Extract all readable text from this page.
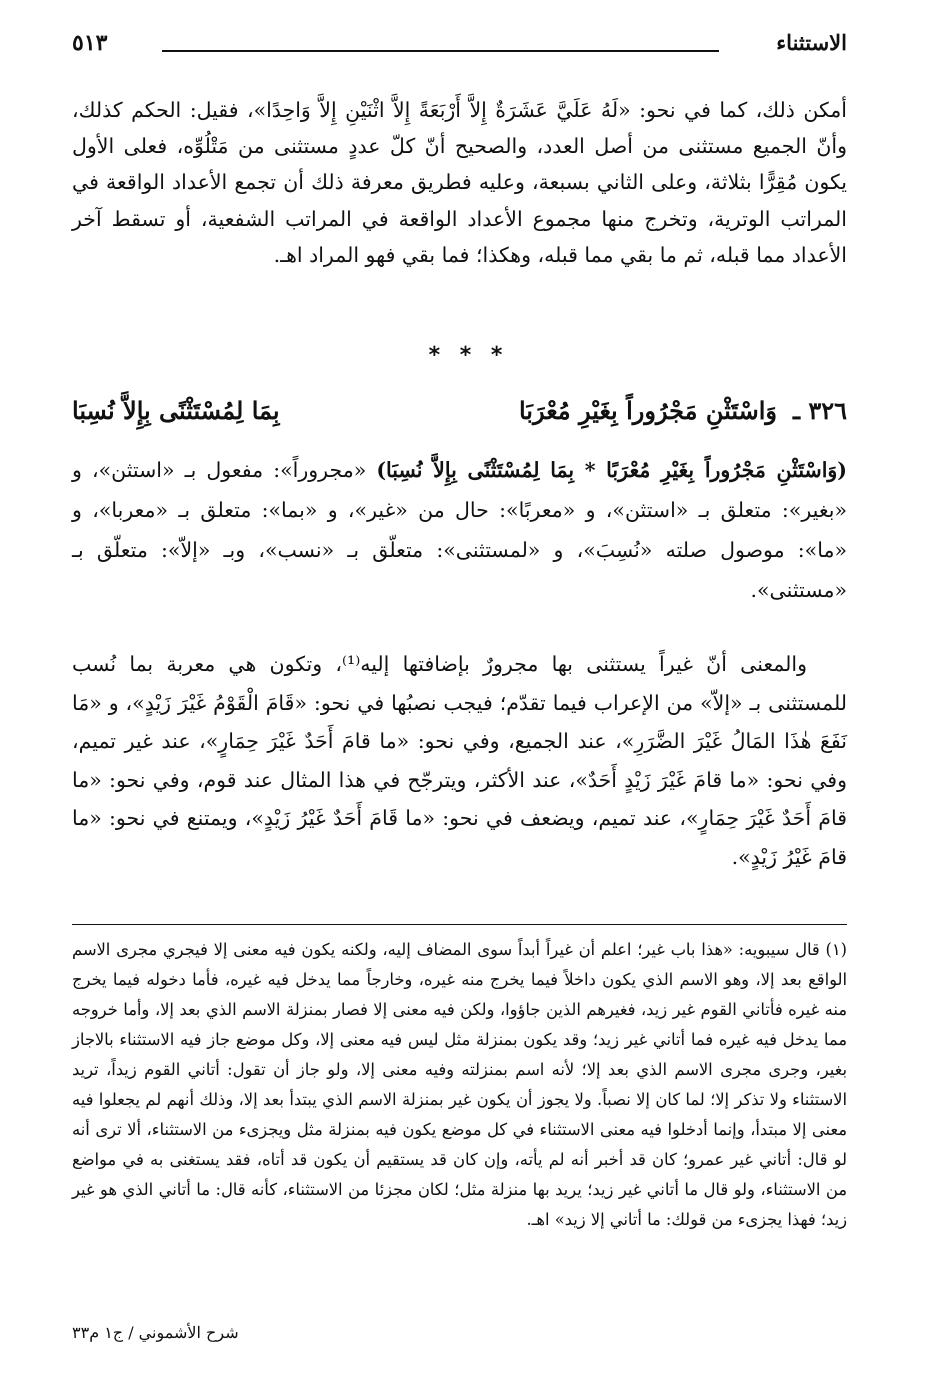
الاستثناء
٥١٣

أمكن ذلك، كما في نحو: «لَهُ عَلَيَّ عَشَرَةٌ إِلاَّ أَرْبَعَةً إِلاَّ اثْنَيْنِ إِلاَّ وَاحِدًا»، فقيل: الحكم كذلك، وأنّ الجميع مستثنى من أصل العدد، والصحيح أنّ كلّ عددٍ مستثنى من مَتْلُوِّه، فعلى الأول يكون مُقِرًّا بثلاثة، وعلى الثاني بسبعة، وعليه فطريق معرفة ذلك أن تجمع الأعداد الواقعة في المراتب الوترية، وتخرج منها مجموع الأعداد الواقعة في المراتب الشفعية، أو تسقط آخر الأعداد مما قبله، ثم ما بقي مما قبله، وهكذا؛ فما بقي فهو المراد اهـ.

* * *
٣٢٦ ـ
وَاسْتَثْنِ مَجْرُوراً بِغَيْرِ مُعْرَبَا
بِمَا لِمُسْتَثْنًى بِإِلاَّ نُسِبَا

(وَاسْتَثْنِ مَجْرُوراً بِغَيْرِ مُعْرَبًا * بِمَا لِمُسْتَثْنًى بِإِلاَّ نُسِبَا) «مجروراً»: مفعول بـ «استثن»، و «بغير»: متعلق بـ «استثن»، و «معربًا»: حال من «غير»، و «بما»: متعلق بـ «معربا»، و «ما»: موصول صلته «نُسِبَ»، و «لمستثنى»: متعلّق بـ «نسب»، وبـ «إلاّ»: متعلّق بـ «مستثنى».

والمعنى أنّ غيراً يستثنى بها مجرورٌ بإضافتها إليه⁽¹⁾، وتكون هي معربة بما نُسب للمستثنى بـ «إلاّ» من الإعراب فيما تقدّم؛ فيجب نصبُها في نحو: «قَامَ الْقَوْمُ غَيْرَ زَيْدٍ»، و «مَا نَفَعَ هٰذَا المَالُ غَيْرَ الضَّرَرِ»، عند الجميع، وفي نحو: «ما قامَ أَحَدٌ غَيْرَ حِمَارٍ»، عند غير تميم، وفي نحو: «ما قامَ غَيْرَ زَيْدٍ أَحَدٌ»، عند الأكثر، ويترجّح في هذا المثال عند قوم، وفي نحو: «ما قامَ أَحَدٌ غَيْرَ حِمَارٍ»، عند تميم، ويضعف في نحو: «ما قَامَ أَحَدٌ غَيْرُ زَيْدٍ»، ويمتنع في نحو: «ما قامَ غَيْرُ زَيْدٍ».

(١) قال سيبويه: «هذا باب غير؛ اعلم أن غيراً أبداً سوى المضاف إليه، ولكنه يكون فيه معنى إلا فيجري مجرى الاسم الواقع بعد إلا، وهو الاسم الذي يكون داخلاً فيما يخرج منه غيره، وخارجاً مما يدخل فيه غيره، فأما دخوله فيما يخرج منه غيره فأتاني القوم غير زيد، فغيرهم الذين جاؤوا، ولكن فيه معنى إلا فصار بمنزلة الاسم الذي بعد إلا، وأما خروجه مما يدخل فيه غيره فما أتاني غير زيد؛ وقد يكون بمنزلة مثل ليس فيه معنى إلا، وكل موضع جاز فيه الاستثناء بالاجاز بغير، وجرى مجرى الاسم الذي بعد إلا؛ لأنه اسم بمنزلته وفيه معنى إلا، ولو جاز أن تقول: أتاني القوم زيداً، تريد الاستثناء ولا تذكر إلا؛ لما كان إلا نصباً. ولا يجوز أن يكون غير بمنزلة الاسم الذي يبتدأ بعد إلا، وذلك أنهم لم يجعلوا فيه معنى إلا مبتدأ، وإنما أدخلوا فيه معنى الاستثناء في كل موضع يكون فيه بمنزلة مثل ويجزىء من الاستثناء، ألا ترى أنه لو قال: أتاني غير عمرو؛ كان قد أخبر أنه لم يأته، وإن كان قد يستقيم أن يكون قد أتاه، فقد يستغنى به في مواضع من الاستثناء، ولو قال ما أتاني غير زيد؛ يريد بها منزلة مثل؛ لكان مجزئا من الاستثناء، كأنه قال: ما أتاني الذي هو غير زيد؛ فهذا يجزىء من قولك: ما أتاني إلا زيد» اهـ.

شرح الأشموني / ج١ م٣٣
